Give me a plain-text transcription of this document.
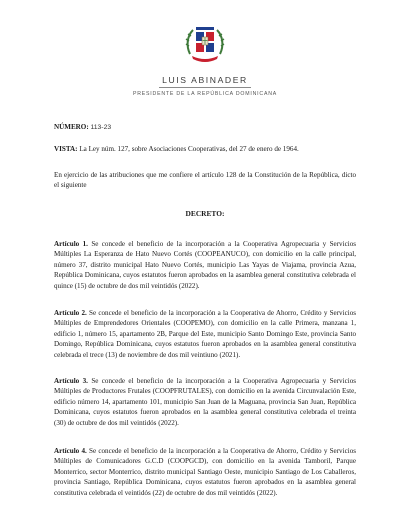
LUIS ABINADER
PRESIDENTE DE LA REPÚBLICA DOMINICANA
NÚMERO: 113-23
VISTA: La Ley núm. 127, sobre Asociaciones Cooperativas, del 27 de enero de 1964.
En ejercicio de las atribuciones que me confiere el artículo 128 de la Constitución de la República, dicto el siguiente
DECRETO:
Artículo 1. Se concede el beneficio de la incorporación a la Cooperativa Agropecuaria y Servicios Múltiples La Esperanza de Hato Nuevo Cortés (COOPEANUCO), con domicilio en la calle principal, número 37, distrito municipal Hato Nuevo Cortés, municipio Las Yayas de Viajama, provincia Azua, República Dominicana, cuyos estatutos fueron aprobados en la asamblea general constitutiva celebrada el quince (15) de octubre de dos mil veintidós (2022).
Artículo 2. Se concede el beneficio de la incorporación a la Cooperativa de Ahorro, Crédito y Servicios Múltiples de Emprendedores Orientales (COOPEMO), con domicilio en la calle Primera, manzana 1, edificio 1, número 15, apartamento 2B, Parque del Este, municipio Santo Domingo Este, provincia Santo Domingo, República Dominicana, cuyos estatutos fueron aprobados en la asamblea general constitutiva celebrada el trece (13) de noviembre de dos mil veintiuno (2021).
Artículo 3. Se concede el beneficio de la incorporación a la Cooperativa Agropecuaria y Servicios Múltiples de Productores Frutales (COOPFRUTALES), con domicilio en la avenida Circunvalación Este, edificio número 14, apartamento 101, municipio San Juan de la Maguana, provincia San Juan, República Dominicana, cuyos estatutos fueron aprobados en la asamblea general constitutiva celebrada el treinta (30) de octubre de dos mil veintidós (2022).
Artículo 4. Se concede el beneficio de la incorporación a la Cooperativa de Ahorro, Crédito y Servicios Múltiples de Comunicadores G.C.D (COOPGCD), con domicilio en la avenida Tamboril, Parque Monterrico, sector Monterrico, distrito municipal Santiago Oeste, municipio Santiago de Los Caballeros, provincia Santiago, República Dominicana, cuyos estatutos fueron aprobados en la asamblea general constitutiva celebrada el veintidós (22) de octubre de dos mil veintidós (2022).
